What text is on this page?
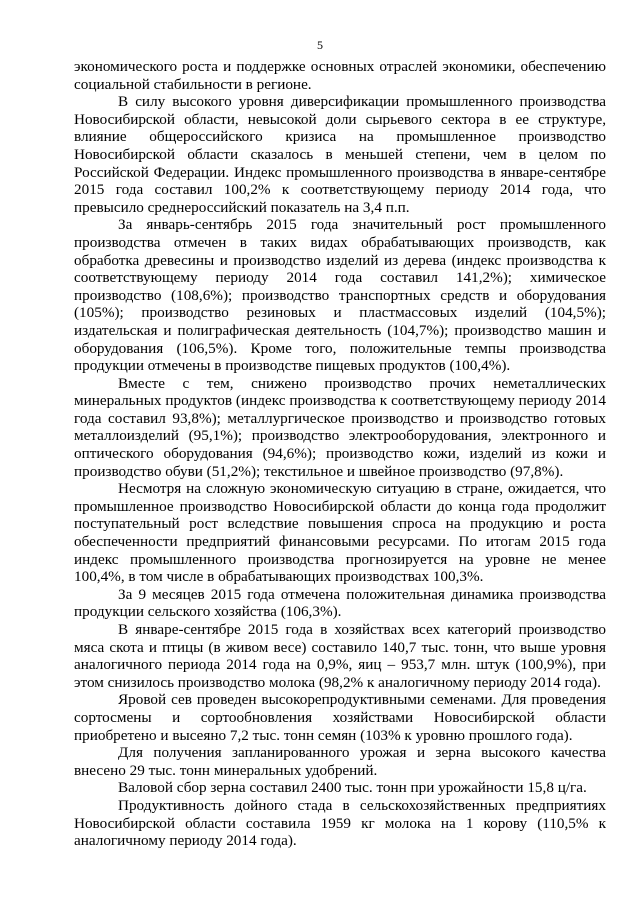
5

экономического роста и поддержке основных отраслей экономики, обеспечению социальной стабильности в регионе.

В силу высокого уровня диверсификации промышленного производства Новосибирской области, невысокой доли сырьевого сектора в ее структуре, влияние общероссийского кризиса на промышленное производство Новосибирской области сказалось в меньшей степени, чем в целом по Российской Федерации. Индекс промышленного производства в январе-сентябре 2015 года составил 100,2% к соответствующему периоду 2014 года, что превысило среднероссийский показатель на 3,4 п.п.

За январь-сентябрь 2015 года значительный рост промышленного производства отмечен в таких видах обрабатывающих производств, как обработка древесины и производство изделий из дерева (индекс производства к соответствующему периоду 2014 года составил 141,2%); химическое производство (108,6%); производство транспортных средств и оборудования (105%); производство резиновых и пластмассовых изделий (104,5%); издательская и полиграфическая деятельность (104,7%); производство машин и оборудования (106,5%). Кроме того, положительные темпы производства продукции отмечены в производстве пищевых продуктов (100,4%).

Вместе с тем, снижено производство прочих неметаллических минеральных продуктов (индекс производства к соответствующему периоду 2014 года составил 93,8%); металлургическое производство и производство готовых металлоизделий (95,1%); производство электрооборудования, электронного и оптического оборудования (94,6%); производство кожи, изделий из кожи и производство обуви (51,2%); текстильное и швейное производство (97,8%).

Несмотря на сложную экономическую ситуацию в стране, ожидается, что промышленное производство Новосибирской области до конца года продолжит поступательный рост вследствие повышения спроса на продукцию и роста обеспеченности предприятий финансовыми ресурсами. По итогам 2015 года индекс промышленного производства прогнозируется на уровне не менее 100,4%, в том числе в обрабатывающих производствах 100,3%.

За 9 месяцев 2015 года отмечена положительная динамика производства продукции сельского хозяйства (106,3%).

В январе-сентябре 2015 года в хозяйствах всех категорий производство мяса скота и птицы (в живом весе) составило 140,7 тыс. тонн, что выше уровня аналогичного периода 2014 года на 0,9%, яиц – 953,7 млн. штук (100,9%), при этом снизилось производство молока (98,2% к аналогичному периоду 2014 года).

Яровой сев проведен высокорепродуктивными семенами. Для проведения сортосмены и сортообновления хозяйствами Новосибирской области приобретено и высеяно 7,2 тыс. тонн семян (103% к уровню прошлого года).

Для получения запланированного урожая и зерна высокого качества внесено 29 тыс. тонн минеральных удобрений.

Валовой сбор зерна составил 2400 тыс. тонн при урожайности 15,8 ц/га.

Продуктивность дойного стада в сельскохозяйственных предприятиях Новосибирской области составила 1959 кг молока на 1 корову (110,5% к аналогичному периоду 2014 года).
